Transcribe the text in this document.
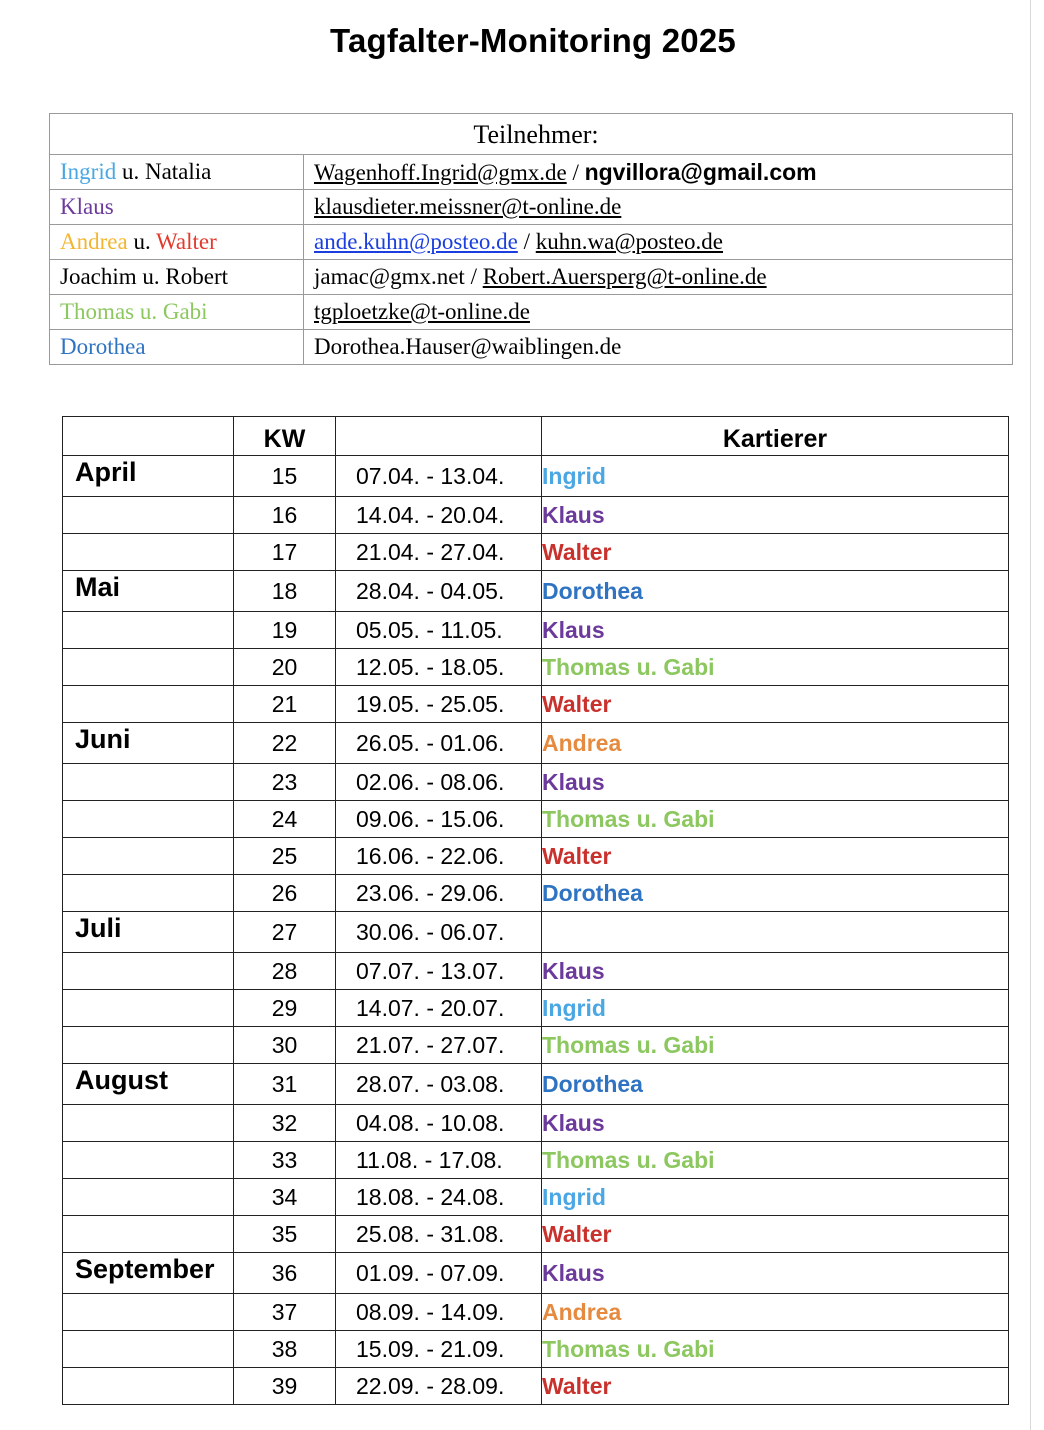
Tagfalter-Monitoring 2025
Teilnehmer:	
Ingrid u. Natalia	Wagenhoff.Ingrid@gmx.de / ngvillora@gmail.com
Klaus	klausdieter.meissner@t-online.de
Andrea u. Walter	ande.kuhn@posteo.de / kuhn.wa@posteo.de
Joachim u. Robert	jamac@gmx.net / Robert.Auersperg@t-online.de
Thomas u. Gabi	tgploetzke@t-online.de
Dorothea	Dorothea.Hauser@waiblingen.de
	KW		Kartierer
April	15	07.04. - 13.04.	Ingrid
	16	14.04. - 20.04.	Klaus
	17	21.04. - 27.04.	Walter
Mai	18	28.04. - 04.05.	Dorothea
	19	05.05. - 11.05.	Klaus
	20	12.05. - 18.05.	Thomas u. Gabi
	21	19.05. - 25.05.	Walter
Juni	22	26.05. - 01.06.	Andrea
	23	02.06. - 08.06.	Klaus
	24	09.06. - 15.06.	Thomas u. Gabi
	25	16.06. - 22.06.	Walter
	26	23.06. - 29.06.	Dorothea
Juli	27	30.06. - 06.07.	
	28	07.07. - 13.07.	Klaus
	29	14.07. - 20.07.	Ingrid
	30	21.07. - 27.07.	Thomas u. Gabi
August	31	28.07. - 03.08.	Dorothea
	32	04.08. - 10.08.	Klaus
	33	11.08. - 17.08.	Thomas u. Gabi
	34	18.08. - 24.08.	Ingrid
	35	25.08. - 31.08.	Walter
September	36	01.09. - 07.09.	Klaus
	37	08.09. - 14.09.	Andrea
	38	15.09. - 21.09.	Thomas u. Gabi
	39	22.09. - 28.09.	Walter
